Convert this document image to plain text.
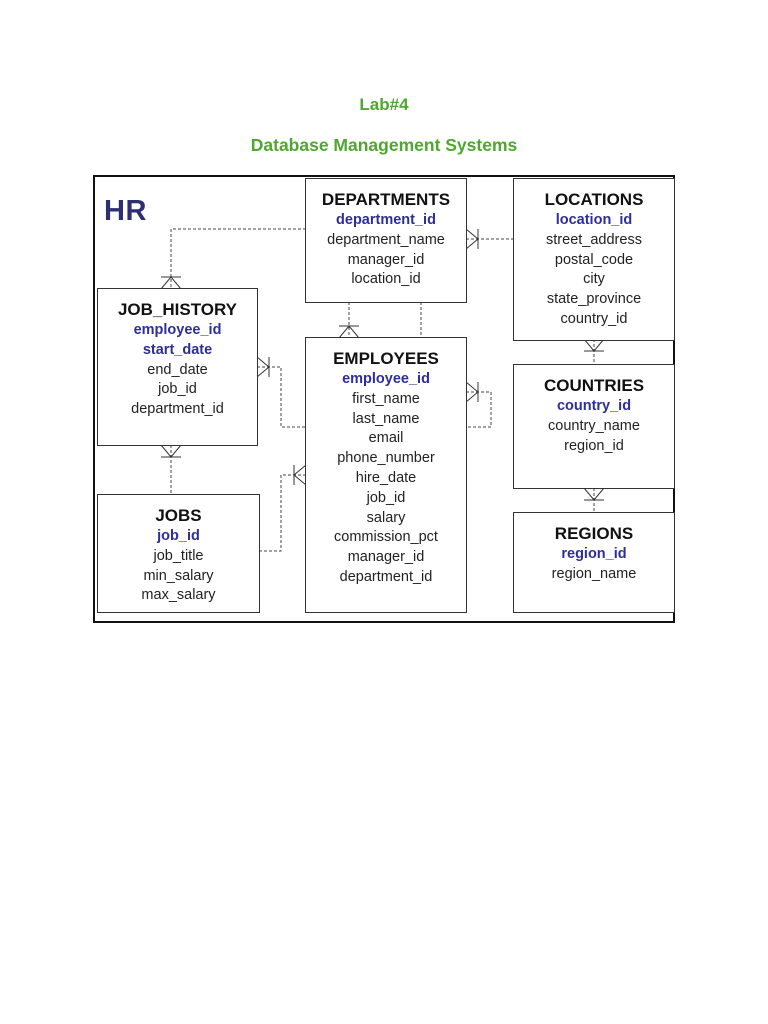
Lab#4
Database Management Systems
HR	DEPARTMENTS
department_id
department_name
manager_id
location_id
LOCATIONS
location_id
street_address
postal_code
city
state_province
country_id
JOB_HISTORY
employee_id
start_date
end_date
job_id
department_id
EMPLOYEES
employee_id
first_name
last_name
email
phone_number
hire_date
job_id
salary
commission_pct
manager_id
department_id
COUNTRIES
country_id
country_name
region_id
JOBS
job_id
job_title
min_salary
max_salary
REGIONS
region_id
region_name
